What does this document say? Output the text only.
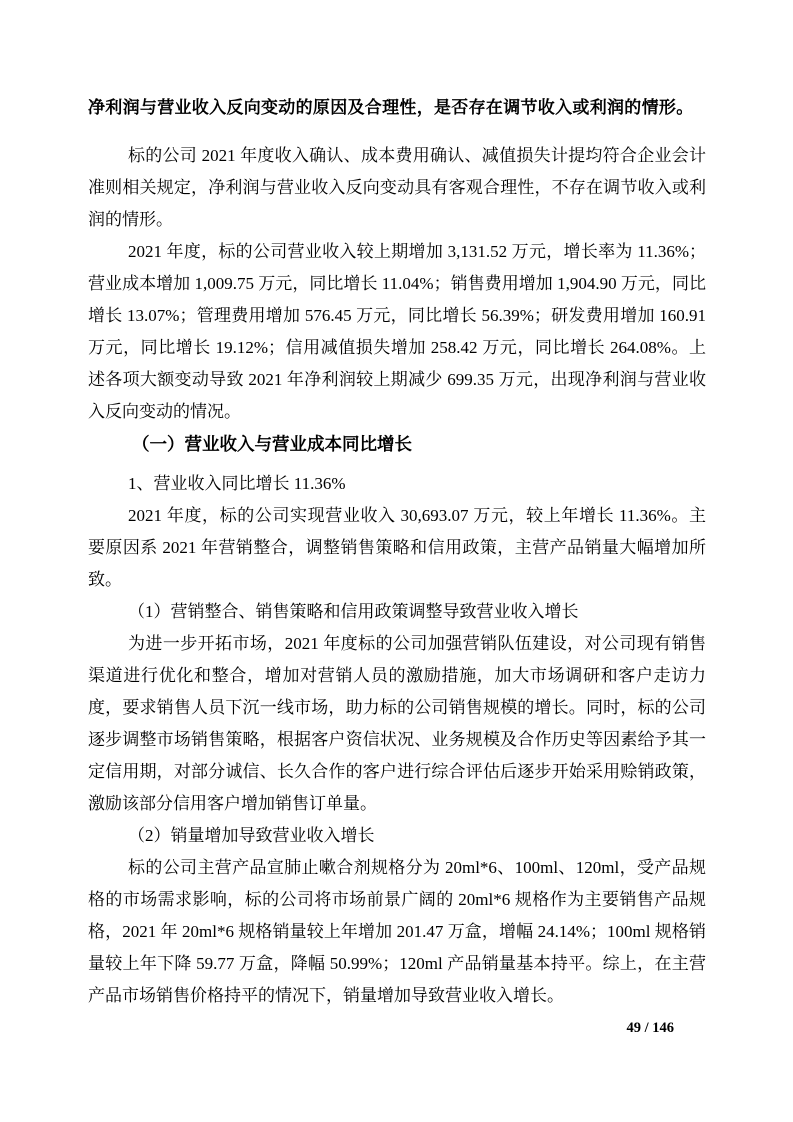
净利润与营业收入反向变动的原因及合理性，是否存在调节收入或利润的情形。

标的公司 2021 年度收入确认、成本费用确认、减值损失计提均符合企业会计准则相关规定，净利润与营业收入反向变动具有客观合理性，不存在调节收入或利润的情形。

2021 年度，标的公司营业收入较上期增加 3,131.52 万元，增长率为 11.36%；营业成本增加 1,009.75 万元，同比增长 11.04%；销售费用增加 1,904.90 万元，同比增长 13.07%；管理费用增加 576.45 万元，同比增长 56.39%；研发费用增加 160.91 万元，同比增长 19.12%；信用减值损失增加 258.42 万元，同比增长 264.08%。上述各项大额变动导致 2021 年净利润较上期减少 699.35 万元，出现净利润与营业收入反向变动的情况。

（一）营业收入与营业成本同比增长

1、营业收入同比增长 11.36%

2021 年度，标的公司实现营业收入 30,693.07 万元，较上年增长 11.36%。主要原因系 2021 年营销整合，调整销售策略和信用政策，主营产品销量大幅增加所致。

（1）营销整合、销售策略和信用政策调整导致营业收入增长

为进一步开拓市场，2021 年度标的公司加强营销队伍建设，对公司现有销售渠道进行优化和整合，增加对营销人员的激励措施，加大市场调研和客户走访力度，要求销售人员下沉一线市场，助力标的公司销售规模的增长。同时，标的公司逐步调整市场销售策略，根据客户资信状况、业务规模及合作历史等因素给予其一定信用期，对部分诚信、长久合作的客户进行综合评估后逐步开始采用赊销政策，激励该部分信用客户增加销售订单量。

（2）销量增加导致营业收入增长

标的公司主营产品宣肺止嗽合剂规格分为 20ml*6、100ml、120ml，受产品规格的市场需求影响，标的公司将市场前景广阔的 20ml*6 规格作为主要销售产品规格，2021 年 20ml*6 规格销量较上年增加 201.47 万盒，增幅 24.14%；100ml 规格销量较上年下降 59.77 万盒，降幅 50.99%；120ml 产品销量基本持平。综上，在主营产品市场销售价格持平的情况下，销量增加导致营业收入增长。

49 / 146
